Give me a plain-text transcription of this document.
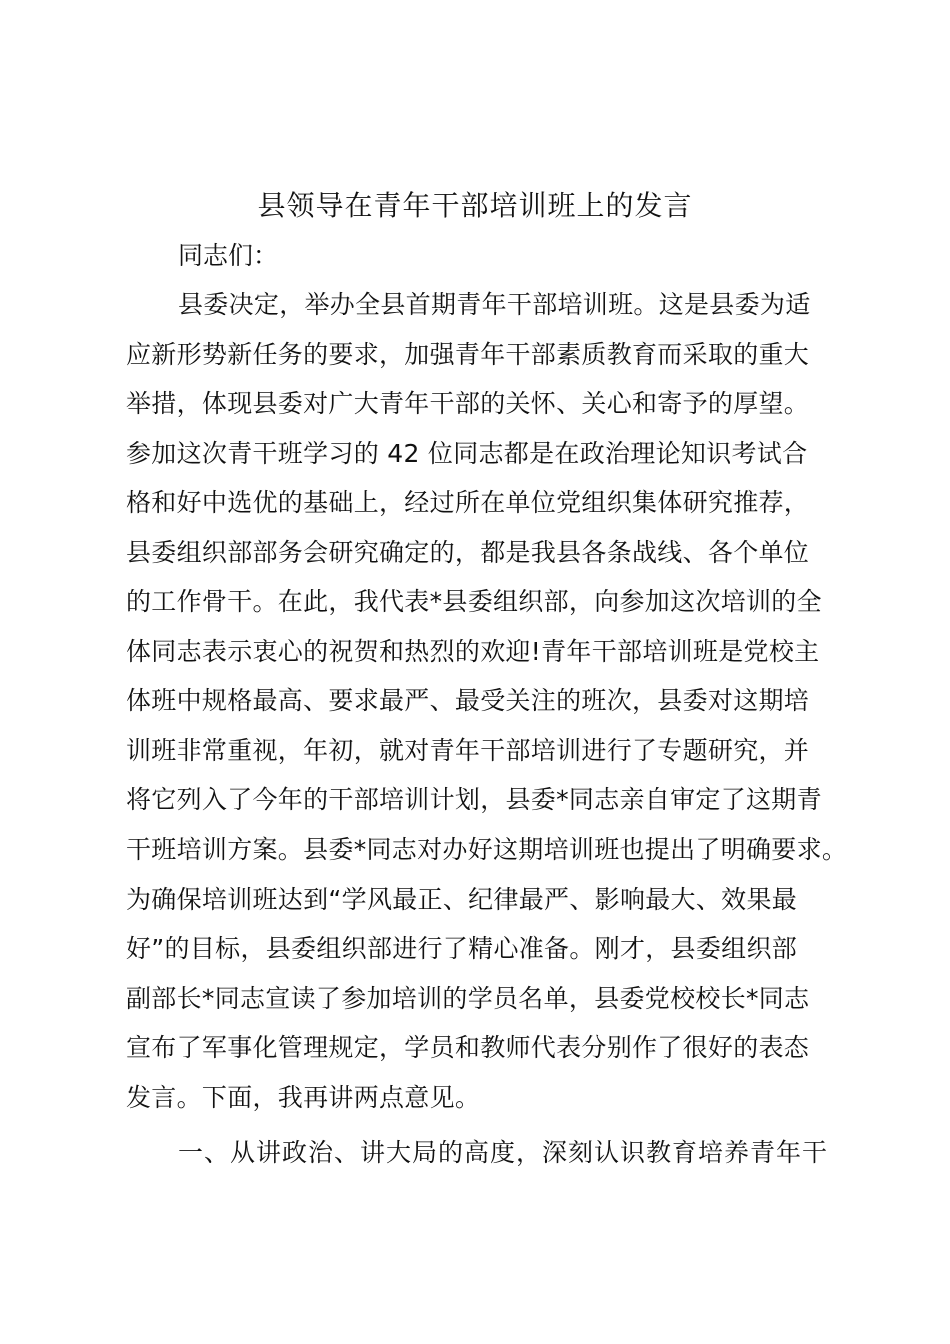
县领导在青年干部培训班上的发言
同志们：
县委决定，举办全县首期青年干部培训班。这是县委为适
应新形势新任务的要求，加强青年干部素质教育而采取的重大
举措，体现县委对广大青年干部的关怀、关心和寄予的厚望。
参加这次青干班学习的 42 位同志都是在政治理论知识考试合
格和好中选优的基础上，经过所在单位党组织集体研究推荐，
县委组织部部务会研究确定的，都是我县各条战线、各个单位
的工作骨干。在此，我代表*县委组织部，向参加这次培训的全
体同志表示衷心的祝贺和热烈的欢迎!青年干部培训班是党校主
体班中规格最高、要求最严、最受关注的班次，县委对这期培
训班非常重视，年初，就对青年干部培训进行了专题研究，并
将它列入了今年的干部培训计划，县委*同志亲自审定了这期青
干班培训方案。县委*同志对办好这期培训班也提出了明确要求。
为确保培训班达到“学风最正、纪律最严、影响最大、效果最
好”的目标，县委组织部进行了精心准备。刚才，县委组织部
副部长*同志宣读了参加培训的学员名单，县委党校校长*同志
宣布了军事化管理规定，学员和教师代表分别作了很好的表态
发言。下面，我再讲两点意见。
一、从讲政治、讲大局的高度，深刻认识教育培养青年干
